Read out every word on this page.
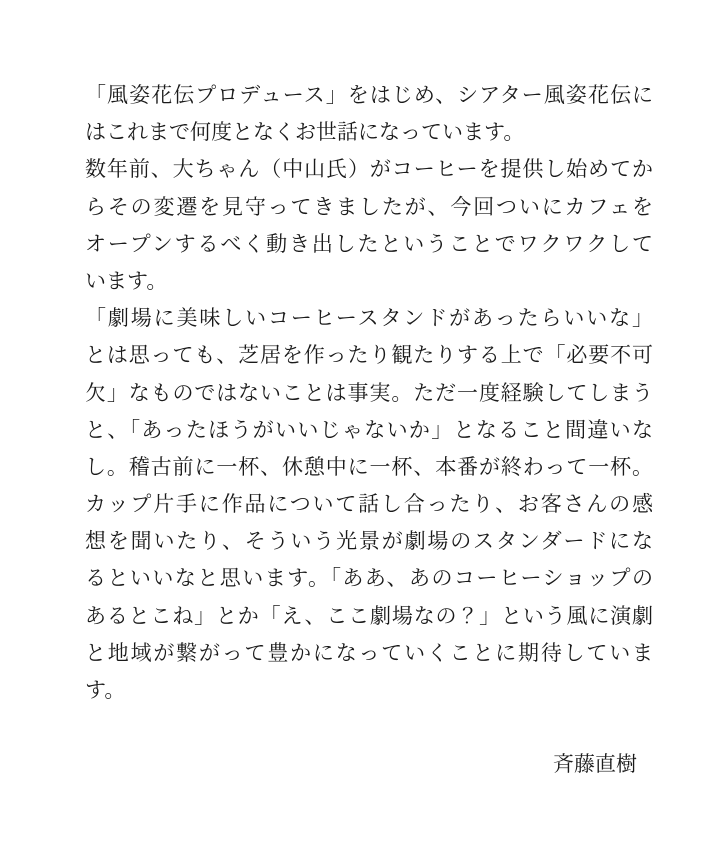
「風姿花伝プロデュース」をはじめ、シアター風姿花伝に
はこれまで何度となくお世話になっています。
数年前、大ちゃん（中山氏）がコーヒーを提供し始めてか
らその変遷を見守ってきましたが、今回ついにカフェを
オープンするべく動き出したということでワクワクして
います。
「劇場に美味しいコーヒースタンドがあったらいいな」
とは思っても、芝居を作ったり観たりする上で「必要不可
欠」なものではないことは事実。ただ一度経験してしまう
と、「あったほうがいいじゃないか」となること間違いな
し。稽古前に一杯、休憩中に一杯、本番が終わって一杯。
カップ片手に作品について話し合ったり、お客さんの感
想を聞いたり、そういう光景が劇場のスタンダードにな
るといいなと思います。「ああ、あのコーヒーショップの
あるとこね」とか「え、ここ劇場なの？」という風に演劇
と地域が繋がって豊かになっていくことに期待していま
す。
斉藤直樹
